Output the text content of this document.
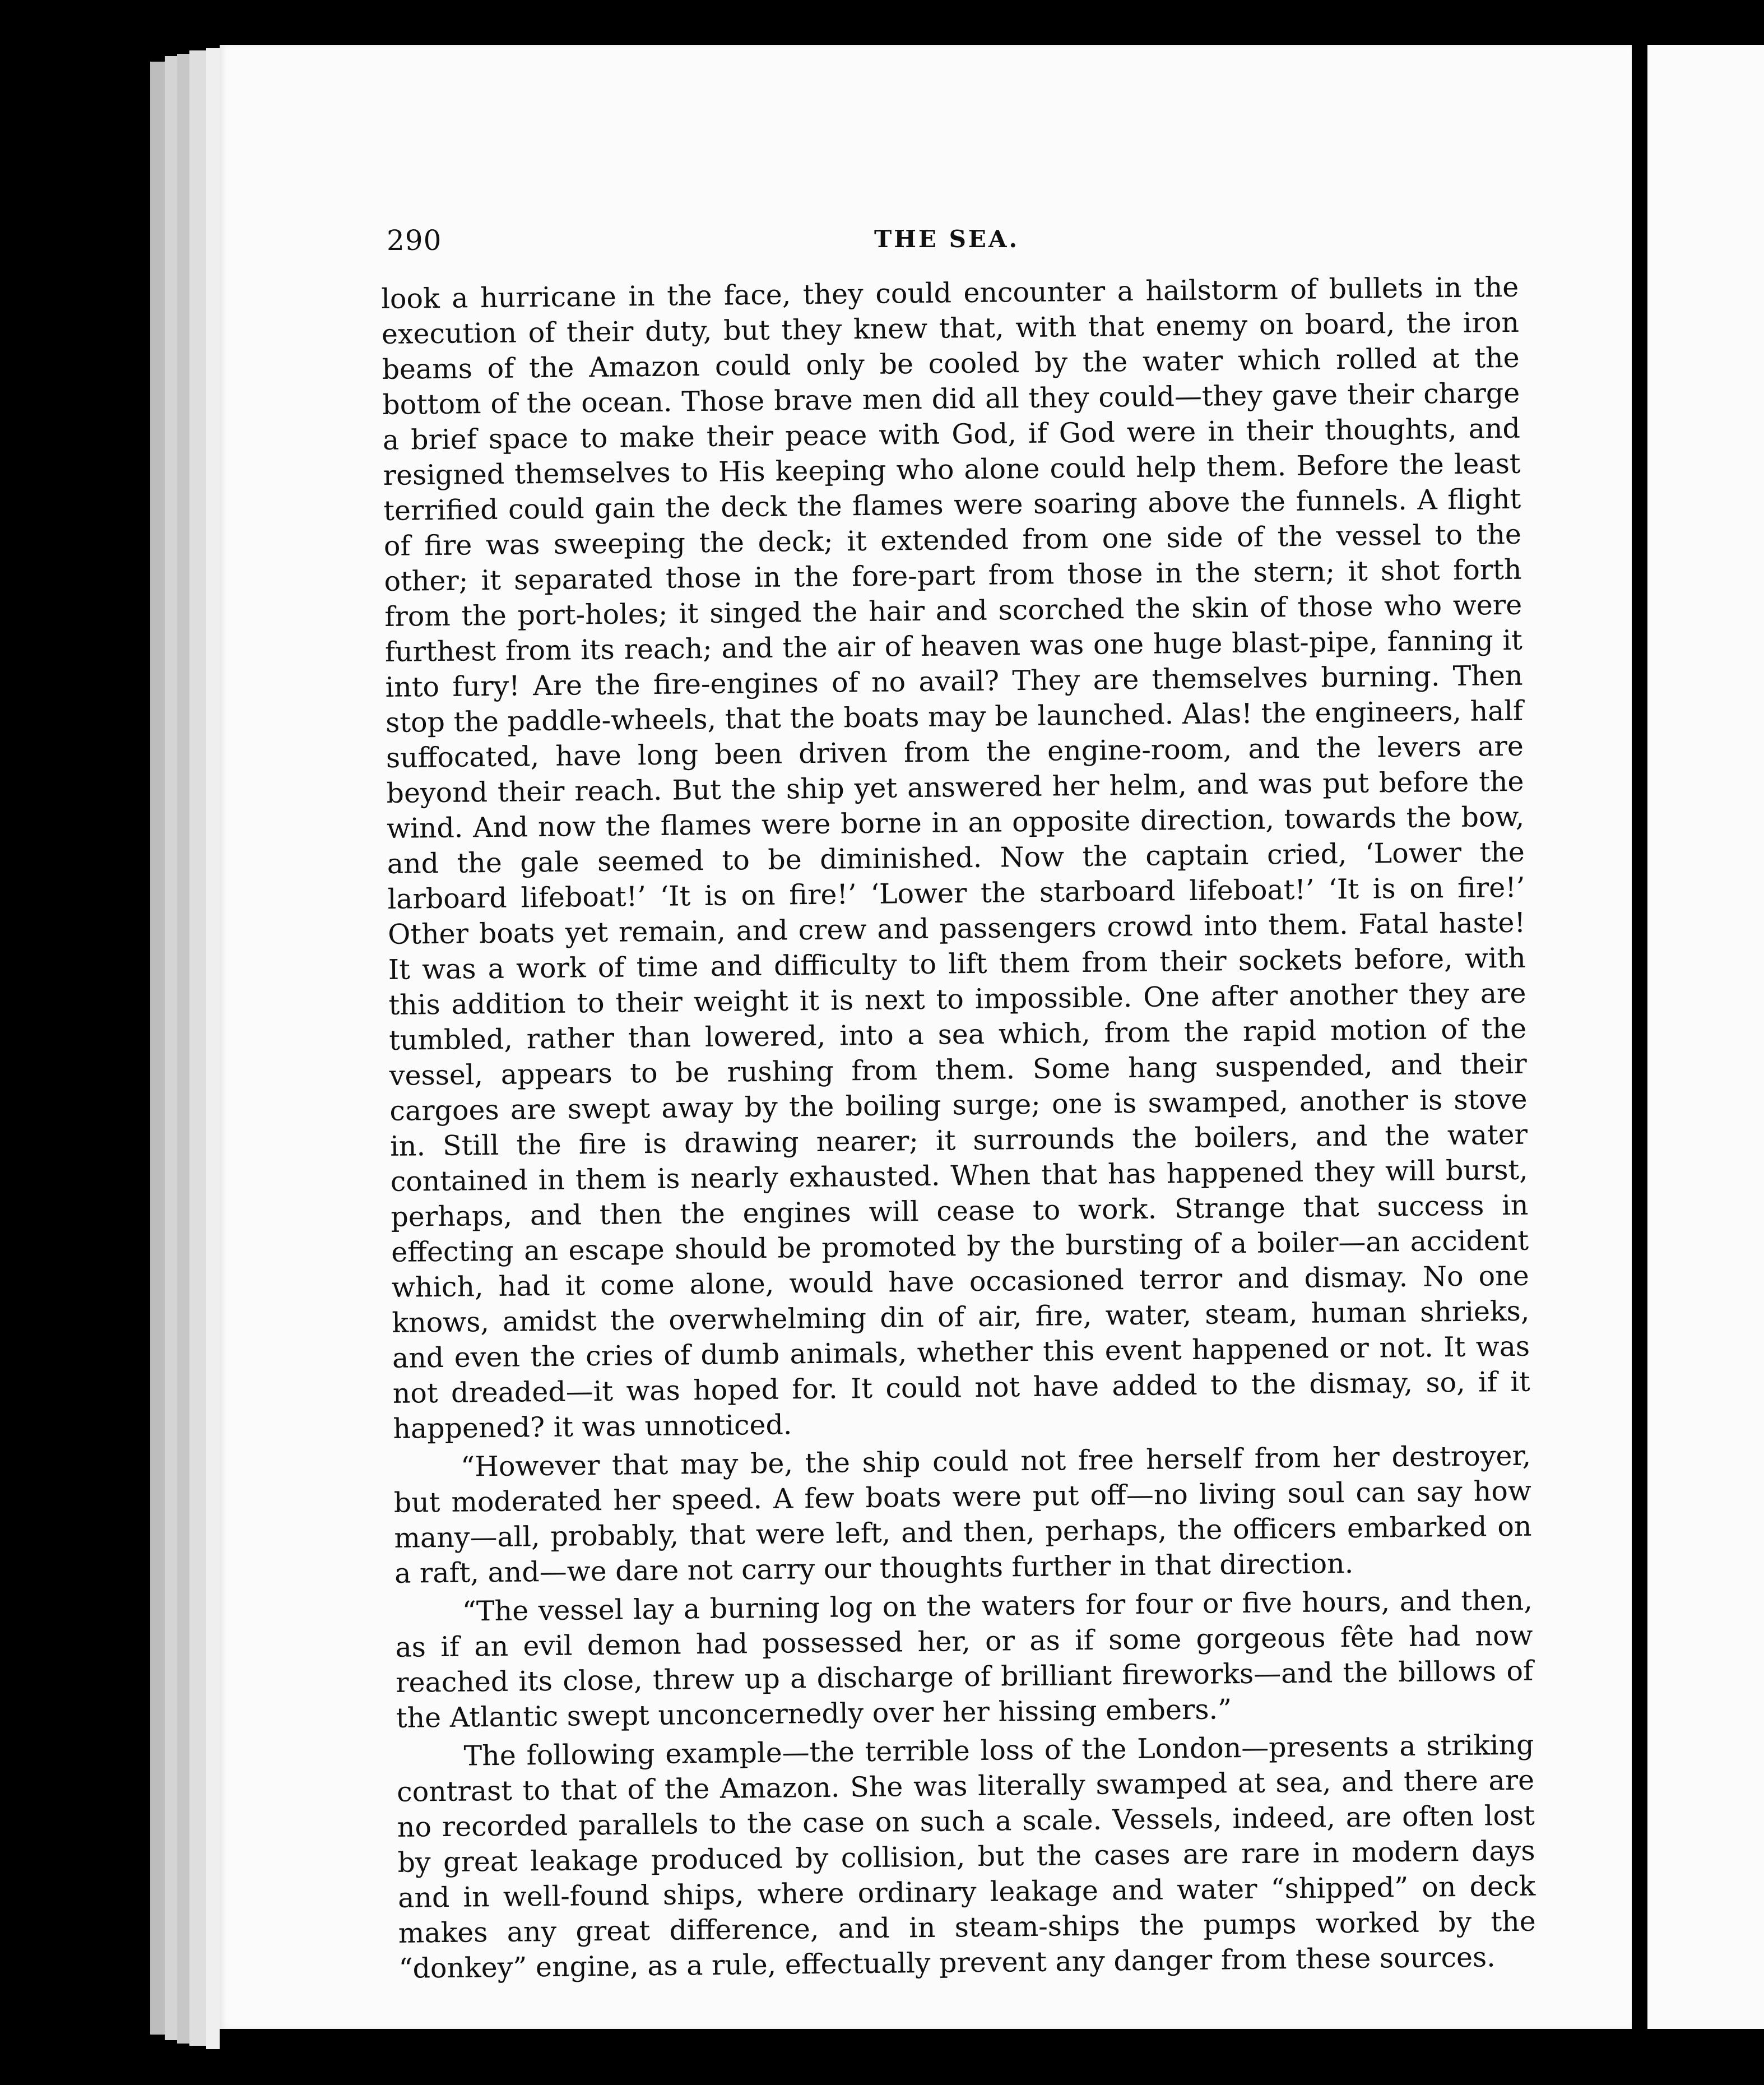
290	THE SEA.

look a hurricane in the face, they could encounter a hailstorm of bullets in the execution of their duty, but they knew that, with that enemy on board, the iron beams of the Amazon could only be cooled by the water which rolled at the bottom of the ocean. Those brave men did all they could—they gave their charge a brief space to make their peace with God, if God were in their thoughts, and resigned themselves to His keeping who alone could help them. Before the least terrified could gain the deck the flames were soaring above the funnels. A flight of fire was sweeping the deck; it extended from one side of the vessel to the other; it separated those in the fore-part from those in the stern; it shot forth from the port-holes; it singed the hair and scorched the skin of those who were furthest from its reach; and the air of heaven was one huge blast-pipe, fanning it into fury! Are the fire-engines of no avail? They are themselves burning. Then stop the paddle-wheels, that the boats may be launched. Alas! the engineers, half suffocated, have long been driven from the engine-room, and the levers are beyond their reach. But the ship yet answered her helm, and was put before the wind. And now the flames were borne in an opposite direction, towards the bow, and the gale seemed to be diminished. Now the captain cried, ‘Lower the larboard lifeboat!’ ‘It is on fire!’ ‘Lower the starboard lifeboat!’ ‘It is on fire!’ Other boats yet remain, and crew and passengers crowd into them. Fatal haste! It was a work of time and difficulty to lift them from their sockets before, with this addition to their weight it is next to impossible. One after another they are tumbled, rather than lowered, into a sea which, from the rapid motion of the vessel, appears to be rushing from them. Some hang suspended, and their cargoes are swept away by the boiling surge; one is swamped, another is stove in. Still the fire is drawing nearer; it surrounds the boilers, and the water contained in them is nearly exhausted. When that has happened they will burst, perhaps, and then the engines will cease to work. Strange that success in effecting an escape should be promoted by the bursting of a boiler—an accident which, had it come alone, would have occasioned terror and dismay. No one knows, amidst the overwhelming din of air, fire, water, steam, human shrieks, and even the cries of dumb animals, whether this event happened or not. It was not dreaded—it was hoped for. It could not have added to the dismay, so, if it happened? it was unnoticed.

“However that may be, the ship could not free herself from her destroyer, but moderated her speed. A few boats were put off—no living soul can say how many—all, probably, that were left, and then, perhaps, the officers embarked on a raft, and—we dare not carry our thoughts further in that direction.

“The vessel lay a burning log on the waters for four or five hours, and then, as if an evil demon had possessed her, or as if some gorgeous fête had now reached its close, threw up a discharge of brilliant fireworks—and the billows of the Atlantic swept unconcernedly over her hissing embers.”

The following example—the terrible loss of the London—presents a striking contrast to that of the Amazon. She was literally swamped at sea, and there are no recorded parallels to the case on such a scale. Vessels, indeed, are often lost by great leakage produced by collision, but the cases are rare in modern days and in well-found ships, where ordinary leakage and water “shipped” on deck makes any great difference, and in steam-ships the pumps worked by the “donkey” engine, as a rule, effectually prevent any danger from these sources.
